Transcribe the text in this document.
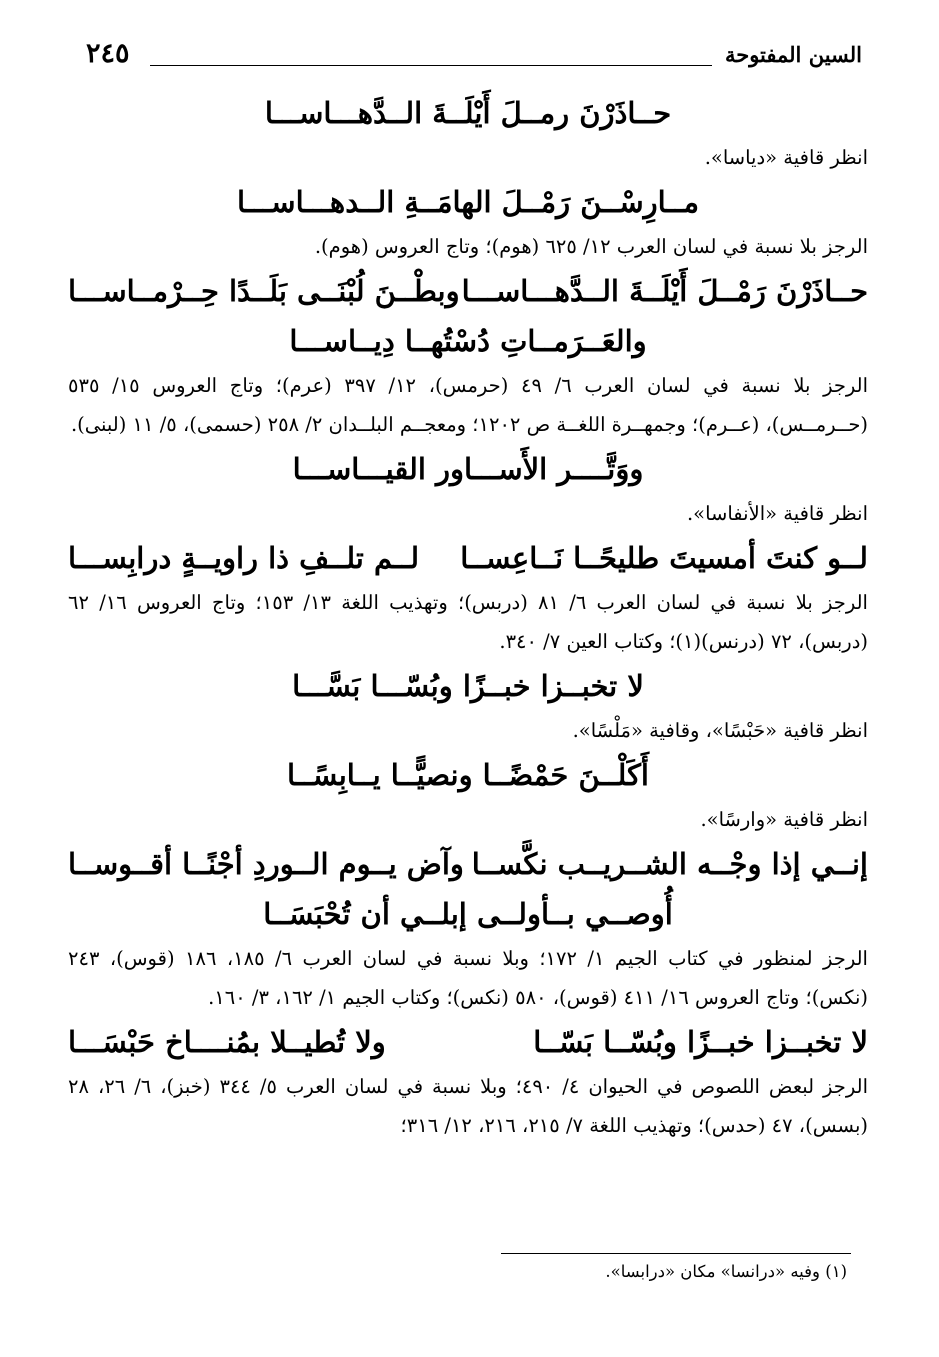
٢٤٥	السين المفتوحة
حــاذَرْنَ رمــلَ أَيْلَــةَ الــدَّهـــاســـا
انظر قافية «دياسا».
مــارِسْــنَ رَمْــلَ الهامَــةِ الــدهـــاســـا
الرجز بلا نسبة في لسان العرب ١٢/ ٦٢٥ (هوم)؛ وتاج العروس (هوم).
حــاذَرْنَ رَمْــلَ أَيْلَــةَ الــدَّهـــاســـا
وبطْــنَ لُبْنَــى بَلَــدًا حِــرْمــاســـا
والعَــرَمــاتِ دُسْتُهــا دِيــاســـا
الرجز بلا نسبة في لسان العرب ٦/ ٤٩ (حرمس)، ١٢/ ٣٩٧ (عرم)؛ وتاج العروس ١٥/ ٥٣٥ (حــرمــس)، (عــرم)؛ وجمهــرة اللغــة ص ١٢٠٢؛ ومعجــم البلــدان ٢/ ٢٥٨ (حسمى)، ٥/ ١١ (لبنى).
ووَتَّــــر الأَســـاور القيـــاســـا
انظر قافية «الأنفاسا».
لــو كنتَ أمسيتَ طليحًــا نَــاعِســا
لــم تلــفِ ذا راويــةٍ درابِســـا
الرجز بلا نسبة في لسان العرب ٦/ ٨١ (دربس)؛ وتهذيب اللغة ١٣/ ١٥٣؛ وتاج العروس ١٦/ ٦٢ (دربس)، ٧٢ (درنس)(١)؛ وكتاب العين ٧/ ٣٤٠.
لا تخبــزا خبــزًا وبُسّـــا بَسَّـــا
انظر قافية «حَبْسًا»، وقافية «مَلْسًا».
أَكَلْــنَ حَمْضًــا ونصيًّــا يــابِسًــا
انظر قافية «وارسًا».
إنــي إذا وجْــه الشــريــب نكَّســا
وآض يــوم الــوردِ أجْنًــا أقــوســا
أُوصــي بــأولــى إبلــي أن تُحْبَسَــا
الرجز لمنظور في كتاب الجيم ١/ ١٧٢؛ وبلا نسبة في لسان العرب ٦/ ١٨٥، ١٨٦ (قوس)، ٢٤٣ (نكس)؛ وتاج العروس ١٦/ ٤١١ (قوس)، ٥٨٠ (نكس)؛ وكتاب الجيم ١/ ١٦٢، ٣/ ١٦٠.
لا تخبــزا خبــزًا وبُسّــا بَسّــا
ولا تُطيــلا بمُنــــاخ حَبْسَـــا
الرجز لبعض اللصوص في الحيوان ٤/ ٤٩٠؛ وبلا نسبة في لسان العرب ٥/ ٣٤٤ (خبز)، ٦/ ٢٦، ٢٨ (بسس)، ٤٧ (حدس)؛ وتهذيب اللغة ٧/ ٢١٥، ٢١٦، ١٢/ ٣١٦؛
(١) وفيه «درانسا» مكان «درابسا».
